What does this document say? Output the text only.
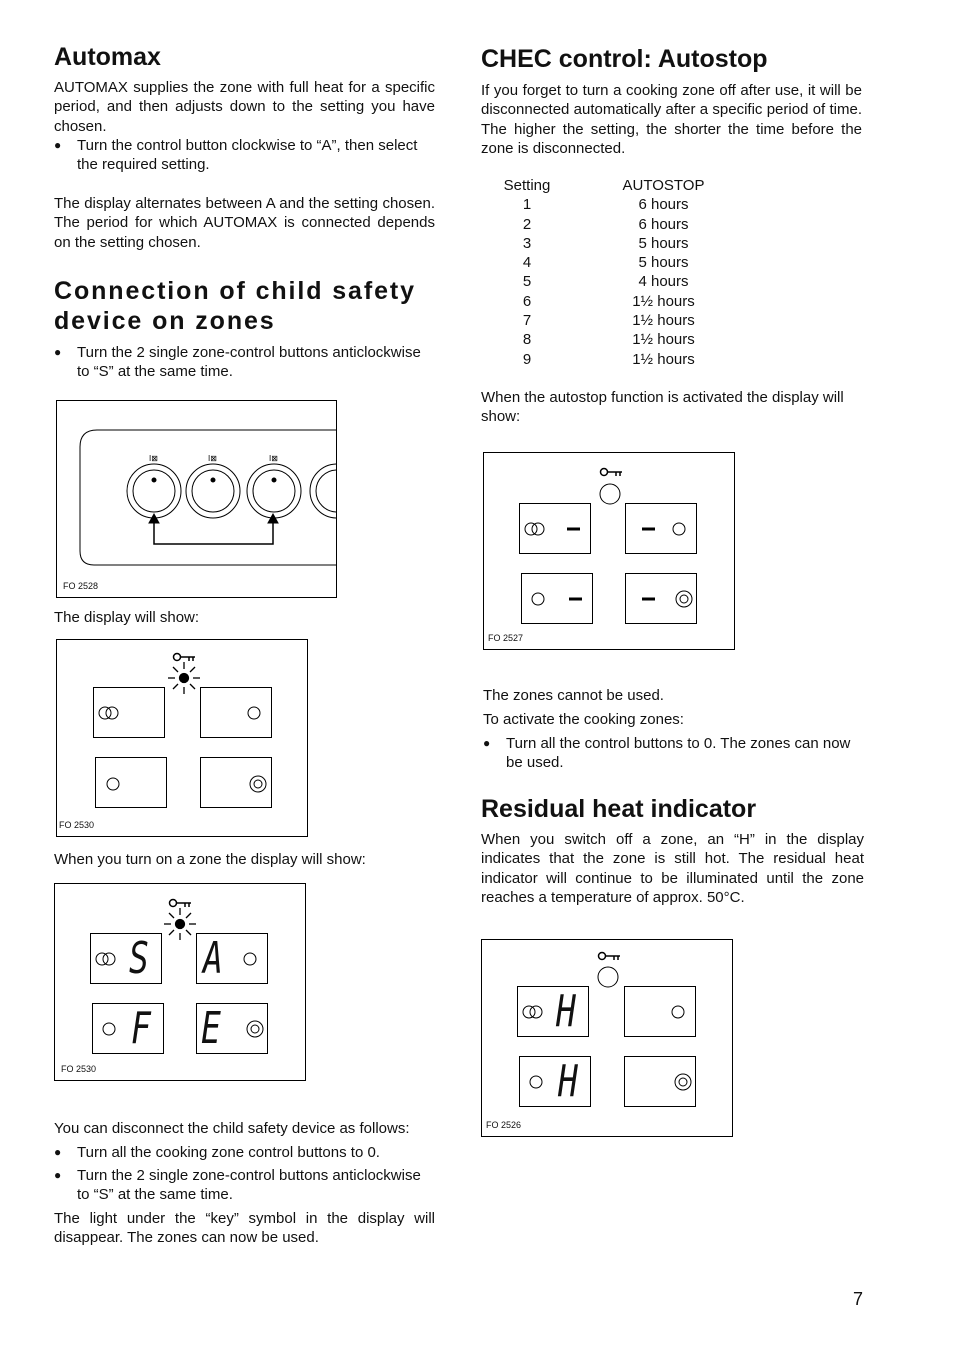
Automax

AUTOMAX supplies the zone with full heat for a specific period, and then adjusts down to the setting you have chosen.

● Turn the control button clockwise to “A”, then select the required setting.

The display alternates between A and the setting chosen. The period for which AUTOMAX is connected depends on the setting chosen.

Connection of child safety device on zones
● Turn the 2 single zone-control buttons anticlockwise to “S” at the same time.
I⊠	I⊠	I⊠
FO 2528

The display will show:

FO 2530

When you turn on a zone the display will show:

S A
F E
FO 2530

You can disconnect the child safety device as follows:

● Turn all the cooking zone control buttons to 0.
● Turn the 2 single zone-control buttons anticlockwise to “S” at the same time.

The light under the “key” symbol in the display will disappear. The zones can now be used.

CHEC control: Autostop

If you forget to turn a cooking zone off after use, it will be disconnected automatically after a specific period of time. The higher the setting, the shorter the time before the zone is disconnected.

Setting	AUTOSTOP
1	6 hours
2	6 hours
3	5 hours
4	5 hours
5	4 hours
6	1½ hours
7	1½ hours
8	1½ hours
9	1½ hours

When the autostop function is activated the display will show:

FO 2527

The zones cannot be used.

To activate the cooking zones:

● Turn all the control buttons to 0. The zones can now be used.
Residual heat indicator

When you switch off a zone, an “H” in the display indicates that the zone is still hot. The residual heat indicator will continue to be illuminated until the zone reaches a temperature of approx. 50°C.

H
H
FO 2526
7
